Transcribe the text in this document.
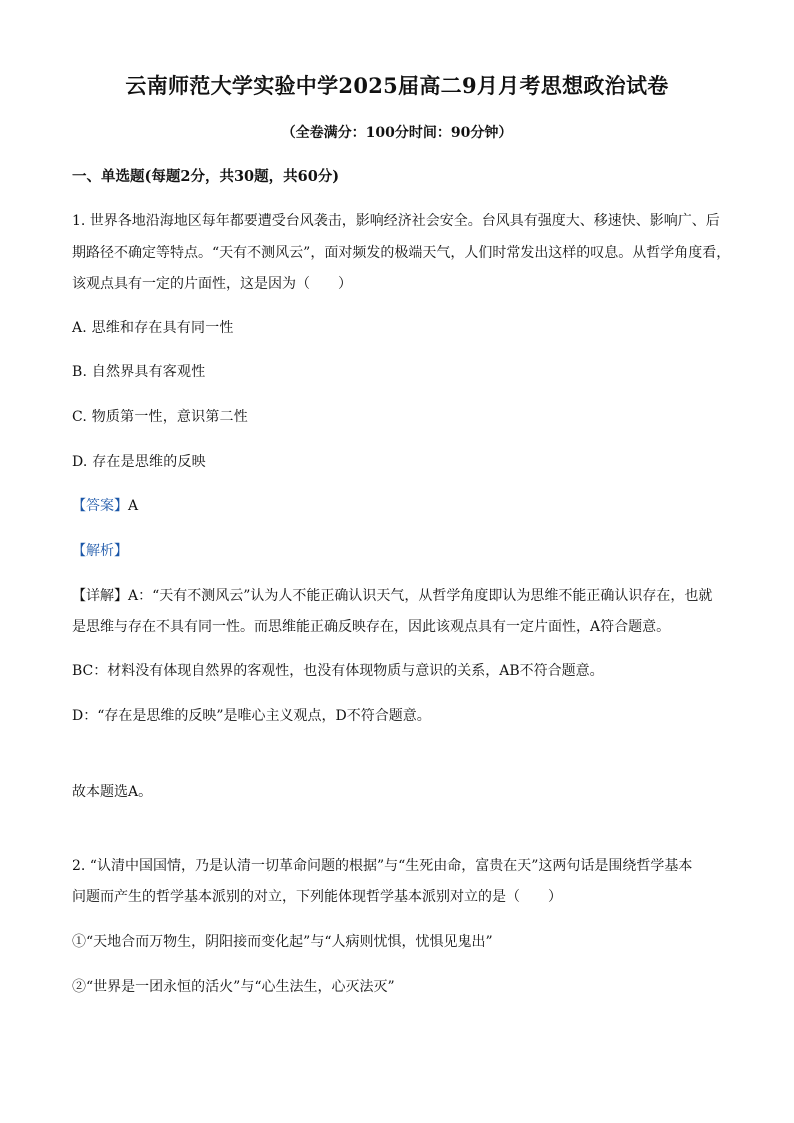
云南师范大学实验中学2025届高二9月月考思想政治试卷
（全卷满分：100分时间：90分钟）
一、单选题(每题2分，共30题，共60分)
1. 世界各地沿海地区每年都要遭受台风袭击，影响经济社会安全。台风具有强度大、移速快、影响广、后
期路径不确定等特点。“天有不测风云”，面对频发的极端天气，人们时常发出这样的叹息。从哲学角度看，
该观点具有一定的片面性，这是因为（　　）
A. 思维和存在具有同一性
B. 自然界具有客观性
C. 物质第一性，意识第二性
D. 存在是思维的反映
【答案】A
【解析】
【详解】A：“天有不测风云”认为人不能正确认识天气，从哲学角度即认为思维不能正确认识存在，也就
是思维与存在不具有同一性。而思维能正确反映存在，因此该观点具有一定片面性，A符合题意。
BC：材料没有体现自然界的客观性，也没有体现物质与意识的关系，AB不符合题意。
D：“存在是思维的反映”是唯心主义观点，D不符合题意。
故本题选A。
2. “认清中国国情，乃是认清一切革命问题的根据”与“生死由命，富贵在天”这两句话是围绕哲学基本
问题而产生的哲学基本派别的对立，下列能体现哲学基本派别对立的是（　　）
①“天地合而万物生，阴阳接而变化起”与“人病则忧惧，忧惧见鬼出”
②“世界是一团永恒的活火”与“心生法生，心灭法灭”
